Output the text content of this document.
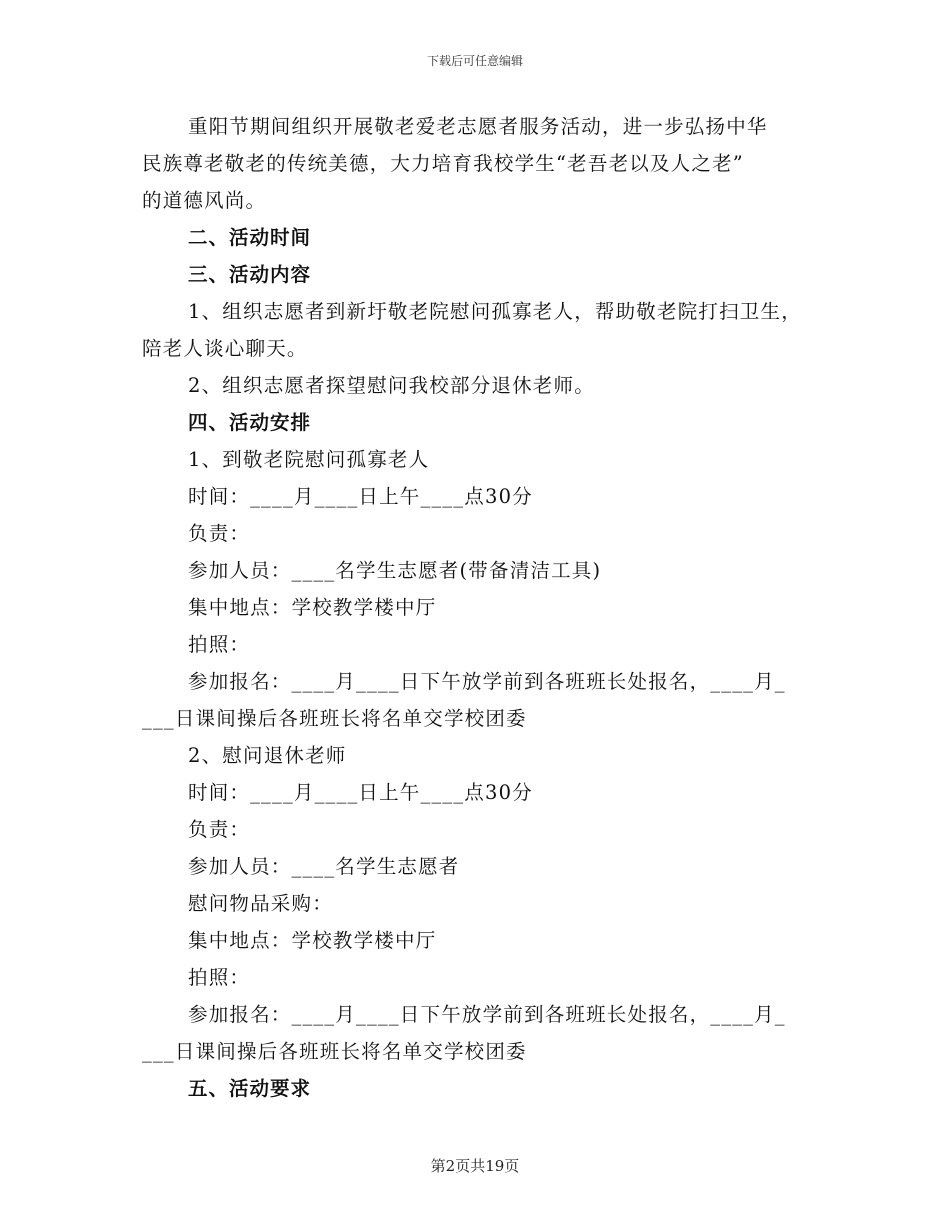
下载后可任意编辑
重阳节期间组织开展敬老爱老志愿者服务活动，进一步弘扬中华
民族尊老敬老的传统美德，大力培育我校学生“老吾老以及人之老”
的道德风尚。
二、活动时间
三、活动内容
1、组织志愿者到新圩敬老院慰问孤寡老人，帮助敬老院打扫卫生，
陪老人谈心聊天。
2、组织志愿者探望慰问我校部分退休老师。
四、活动安排
1、到敬老院慰问孤寡老人
时间：____月____日上午____点30分
负责：
参加人员：____名学生志愿者(带备清洁工具)
集中地点：学校教学楼中厅
拍照：
参加报名：____月____日下午放学前到各班班长处报名，____月_
___日课间操后各班班长将名单交学校团委
2、慰问退休老师
时间：____月____日上午____点30分
负责：
参加人员：____名学生志愿者
慰问物品采购：
集中地点：学校教学楼中厅
拍照：
参加报名：____月____日下午放学前到各班班长处报名，____月_
___日课间操后各班班长将名单交学校团委
五、活动要求
第2页共19页
